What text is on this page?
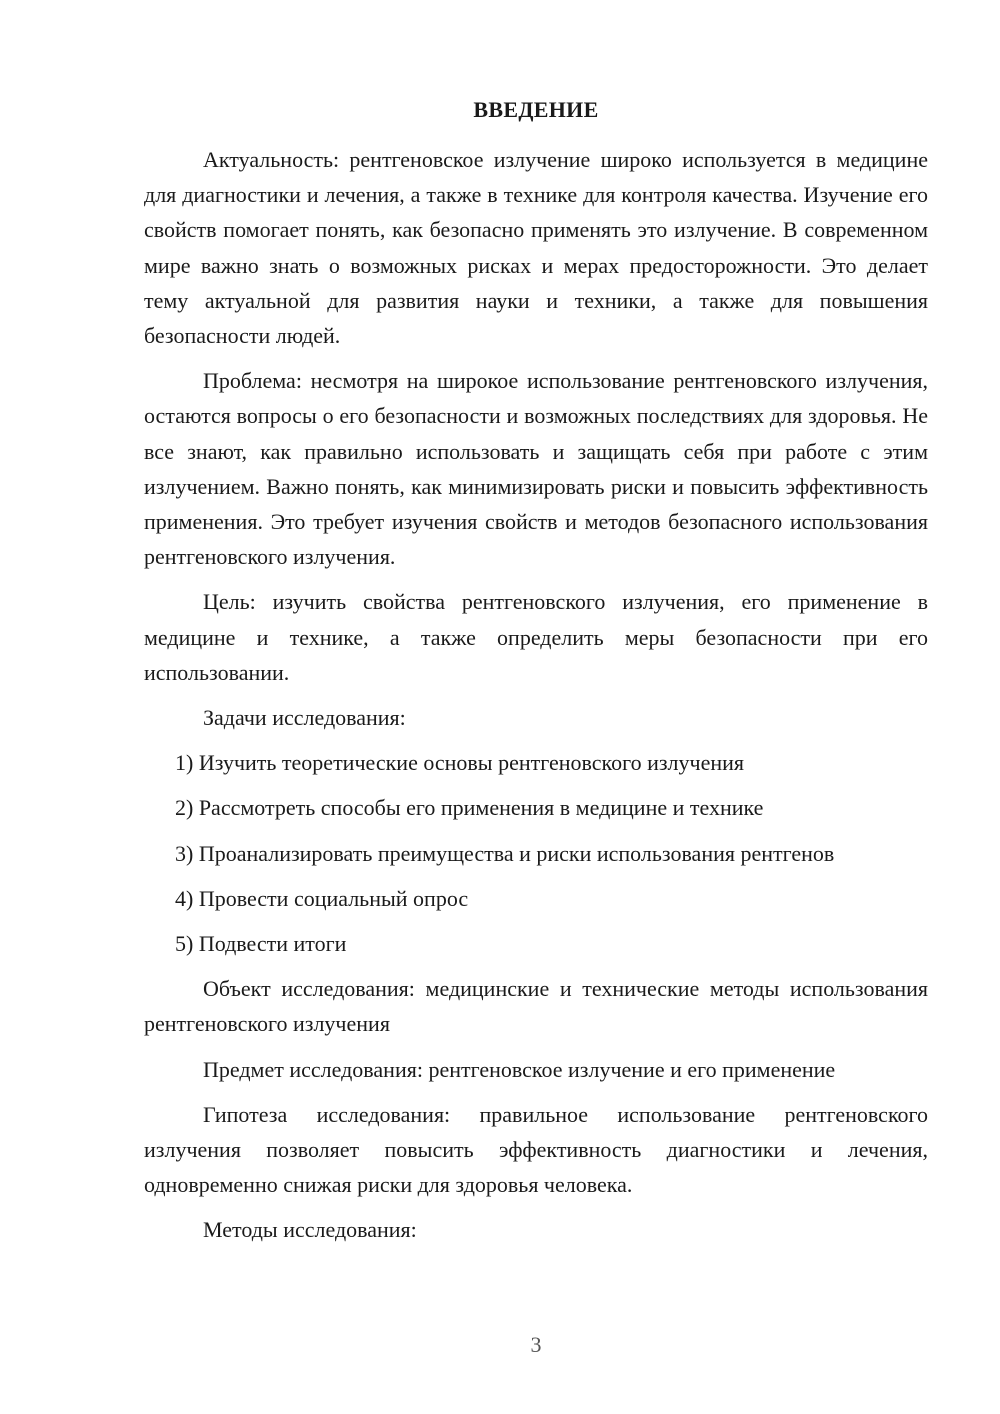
ВВЕДЕНИЕ

Актуальность: рентгеновское излучение широко используется в медицине для диагностики и лечения, а также в технике для контроля качества. Изучение его свойств помогает понять, как безопасно применять это излучение. В современном мире важно знать о возможных рисках и мерах предосторожности. Это делает тему актуальной для развития науки и техники, а также для повышения безопасности людей.

Проблема: несмотря на широкое использование рентгеновского излучения, остаются вопросы о его безопасности и возможных последствиях для здоровья. Не все знают, как правильно использовать и защищать себя при работе с этим излучением. Важно понять, как минимизировать риски и повысить эффективность применения. Это требует изучения свойств и методов безопасного использования рентгеновского излучения.

Цель: изучить свойства рентгеновского излучения, его применение в медицине и технике, а также определить меры безопасности при его использовании.

Задачи исследования:

1) Изучить теоретические основы рентгеновского излучения
2) Рассмотреть способы его применения в медицине и технике
3) Проанализировать преимущества и риски использования рентгенов
4) Провести социальный опрос
5) Подвести итоги

Объект исследования: медицинские и технические методы использования рентгеновского излучения

Предмет исследования: рентгеновское излучение и его применение

Гипотеза исследования: правильное использование рентгеновского излучения позволяет повысить эффективность диагностики и лечения, одновременно снижая риски для здоровья человека.

Методы исследования:

3
